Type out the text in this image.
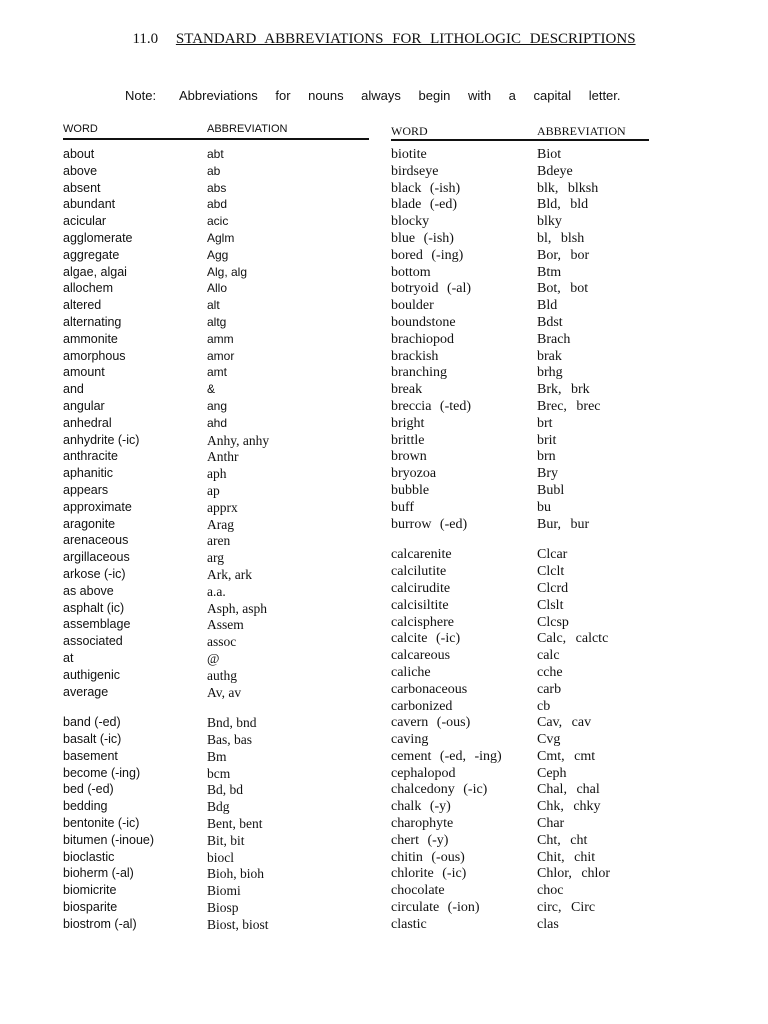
11.0 STANDARD ABBREVIATIONS FOR LITHOLOGIC DESCRIPTIONS
Note: Abbreviations for nouns always begin with a capital letter.
WORD	ABBREVIATION
about	abt
above	ab
absent	abs
abundant	abd
acicular	acic
agglomerate	Aglm
aggregate	Agg
algae, algai	Alg, alg
allochem	Allo
altered	alt
alternating	altg
ammonite	amm
amorphous	amor
amount	amt
and	&
angular	ang
anhedral	ahd
anhydrite (-ic)	Anhy, anhy
anthracite	Anthr
aphanitic	aph
appears	ap
approximate	apprx
aragonite	Arag
arenaceous	aren
argillaceous	arg
arkose (-ic)	Ark, ark
as above	a.a.
asphalt (ic)	Asph, asph
assemblage	Assem
associated	assoc
at	@
authigenic	authg
average	Av, av
band (-ed)	Bnd, bnd
basalt (-ic)	Bas, bas
basement	Bm
become (-ing)	bcm
bed (-ed)	Bd, bd
bedding	Bdg
bentonite (-ic)	Bent, bent
bitumen (-inoue)	Bit, bit
bioclastic	biocl
bioherm (-al)	Bioh, bioh
biomicrite	Biomi
biosparite	Biosp
biostrom (-al)	Biost, biost
WORD	ABBREVIATION
biotite	Biot
birdseye	Bdeye
black (-ish)	blk, blksh
blade (-ed)	Bld, bld
blocky	blky
blue (-ish)	bl, blsh
bored (-ing)	Bor, bor
bottom	Btm
botryoid (-al)	Bot, bot
boulder	Bld
boundstone	Bdst
brachiopod	Brach
brackish	brak
branching	brhg
break	Brk, brk
breccia (-ted)	Brec, brec
bright	brt
brittle	brit
brown	brn
bryozoa	Bry
bubble	Bubl
buff	bu
burrow (-ed)	Bur, bur
calcarenite	Clcar
calcilutite	Clclt
calcirudite	Clcrd
calcisiltite	Clslt
calcisphere	Clcsp
calcite (-ic)	Calc, calctc
calcareous	calc
caliche	cche
carbonaceous	carb
carbonized	cb
cavern (-ous)	Cav, cav
caving	Cvg
cement (-ed, -ing)	Cmt, cmt
cephalopod	Ceph
chalcedony (-ic)	Chal, chal
chalk (-y)	Chk, chky
charophyte	Char
chert (-y)	Cht, cht
chitin (-ous)	Chit, chit
chlorite (-ic)	Chlor, chlor
chocolate	choc
circulate (-ion)	circ, Circ
clastic	clas
